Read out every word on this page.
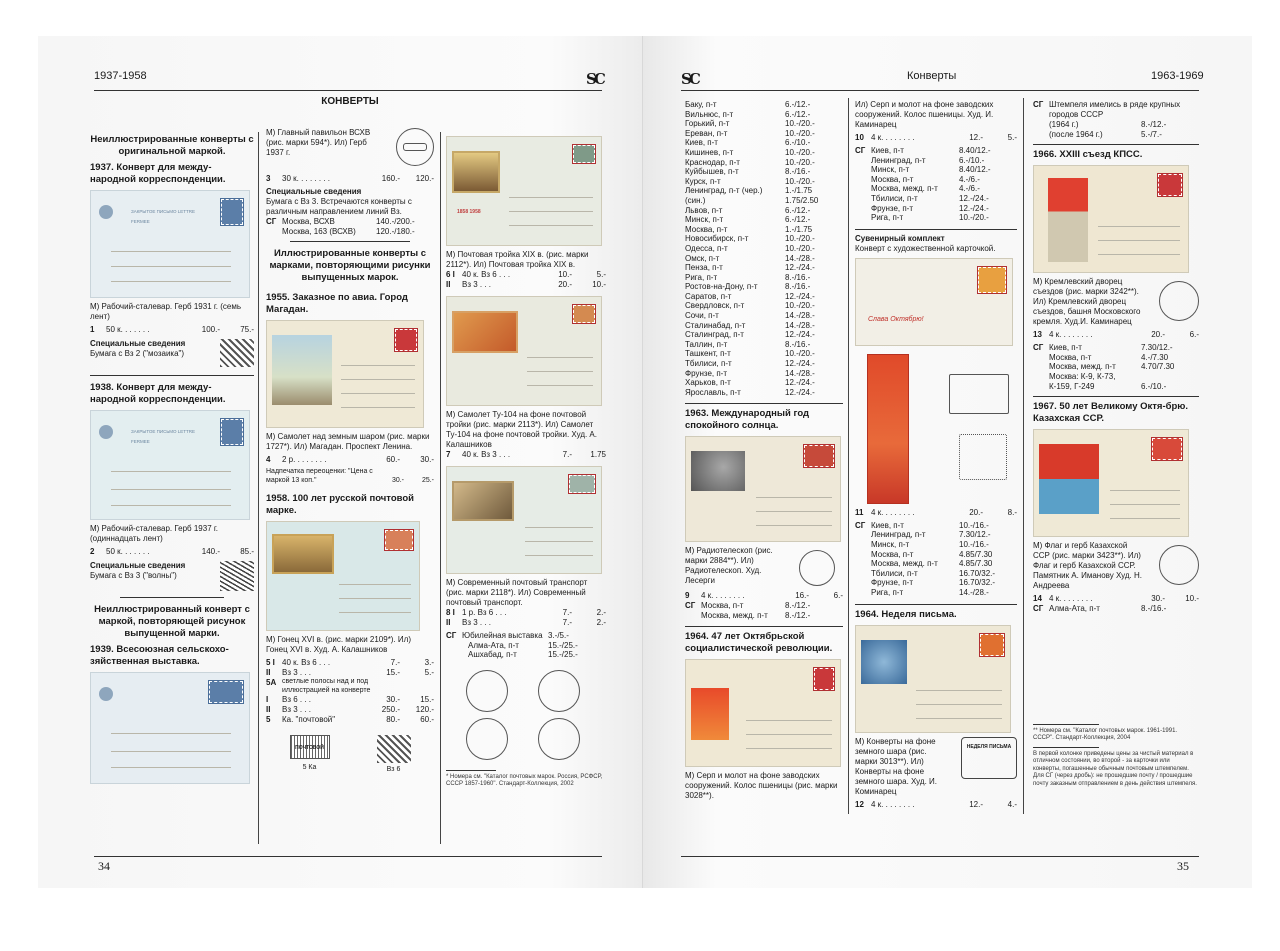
1937-1958	SC
КОНВЕРТЫ
Неиллюстрированные конверты с оригинальной маркой.
1937. Конверт для между-народной корреспонденции.
ЗАКРЫТОЕ ПИСЬМО LETTRE FERMEE
М) Рабочий-сталевар. Герб 1931 г. (семь лент)
1	50 к. . . . . . .	100.-	75.-
Специальные сведения
Бумага с Вз 2 ("мозаика")
1938. Конверт для между-народной корреспонденции.
ЗАКРЫТОЕ ПИСЬМО LETTRE FERMEE
М) Рабочий-сталевар. Герб 1937 г. (одиннадцать лент)
2	50 к. . . . . . .	140.-	85.-
Специальные сведения
Бумага с Вз 3 ("волны")
Неиллюстрированный конверт с маркой, повторяющей рисунок выпущенной марки.
1939. Всесоюзная сельскохо-зяйственная выставка.
М) Главный павильон ВСХВ (рис. марки 594*). Ил) Герб 1937 г.
3	30 к. . . . . . . .	160.-	120.-
Специальные сведения
Бумага с Вз 3. Встречаются конверты с различным направлением линий Вз.
СГ Москва, ВСХВ	140.-/200.-
Москва, 163 (ВСХВ)	120.-/180.-
Иллюстрированные конверты с марками, повторяющими рисунки выпущенных марок.
1955. Заказное по авиа. Город Магадан.
М) Самолет над земным шаром (рис. марки 1727*). Ил) Магадан. Проспект Ленина.
4	2 р. . . . . . . .	60.-	30.-
Надпечатка переоценки: "Цена с маркой 13 коп."	30.-	25.-
1958. 100 лет русской почтовой марке.
М) Гонец XVI в. (рис. марки 2109*). Ил) Гонец XVI в. Худ. А. Калашников
5 I 40 к. Вз 6 . . .	7.-	3.-
II	Вз 3 . . .	15.-	5.-
5A светлые полосы над и под иллюстрацией на конверте
I	Вз 6 . . .	30.-	15.-
II	Вз 3 . . .	250.-	120.-
5	Ка. "почтовой"	80.-	60.-
ПОЧТОВОЙ
5 Ка	Вз 6
1858 1958
М) Почтовая тройка XIX в. (рис. марки 2112*). Ил) Почтовая тройка XIX в.
6 I 40 к. Вз 6 . . .	10.-	5.-
II	Вз 3 . . .	20.-	10.-
М) Самолет Ту-104 на фоне почтовой тройки (рис. марки 2113*). Ил) Самолет Ту-104 на фоне почтовой тройки. Худ. А. Калашников
7	40 к. Вз 3 . . .	7.-	1.75
М) Современный почтовый транспорт (рис. марки 2118*). Ил) Современный почтовый транспорт.
8 I 1 р. Вз 6 . . .	7.-	2.-
II	Вз 3 . . .	7.-	2.-
СГ Юбилейная выставка 3.-/5.-
Алма-Ата, п-т	15.-/25.-
Ашхабад, п-т	15.-/25.-
* Номера см. "Каталог почтовых марок. Россия, РСФСР, СССР 1857-1960". Стандарт-Коллекция, 2002
34
SC	Конверты	1963-1969
Баку, п-т	6.-/12.-
Вильнюс, п-т	6.-/12.-
Горький, п-т	10.-/20.-
Ереван, п-т	10.-/20.-
Киев, п-т	6.-/10.-
Кишинев, п-т	10.-/20.-
Краснодар, п-т	10.-/20.-
Куйбышев, п-т	8.-/16.-
Курск, п-т	10.-/20.-
Ленинград, п-т (чер.)	1.-/1.75
(син.)	1.75/2.50
Львов, п-т	6.-/12.-
Минск, п-т	6.-/12.-
Москва, п-т	1.-/1.75
Новосибирск, п-т	10.-/20.-
Одесса, п-т	10.-/20.-
Омск, п-т	14.-/28.-
Пенза, п-т	12.-/24.-
Рига, п-т	8.-/16.-
Ростов-на-Дону, п-т	8.-/16.-
Саратов, п-т	12.-/24.-
Свердловск, п-т	10.-/20.-
Сочи, п-т	14.-/28.-
Сталинабад, п-т	14.-/28.-
Сталинград, п-т	12.-/24.-
Таллин, п-т	8.-/16.-
Ташкент, п-т	10.-/20.-
Тбилиси, п-т	12.-/24.-
Фрунзе, п-т	14.-/28.-
Харьков, п-т	12.-/24.-
Ярославль, п-т	12.-/24.-
1963. Международный год спокойного солнца.
М) Радиотелескоп (рис. марки 2884**). Ил) Радиотелескоп. Худ. Лесерги
9	4 к. . . . . . . .	16.-	6.-
СГ Москва, п-т	8.-/12.-
Москва, межд. п-т	8.-/12.-
1964. 47 лет Октябрьской социалистической революции.
М) Серп и молот на фоне заводских сооружений. Колос пшеницы (рис. марки 3028**).
Ил) Серп и молот на фоне заводских сооружений. Колос пшеницы. Худ. И. Каминарец
10 4 к. . . . . . . .	12.-	5.-
СГ Киев, п-т	8.40/12.-
Ленинград, п-т	6.-/10.-
Минск, п-т	8.40/12.-
Москва, п-т	4.-/6.-
Москва, межд. п-т	4.-/6.-
Тбилиси, п-т	12.-/24.-
Фрунзе, п-т	12.-/24.-
Рига, п-т	10.-/20.-
Сувенирный комплект
Конверт с художественной карточкой.
Слава Октябрю!
11 4 к. . . . . . . .	20.-	8.-
СГ Киев, п-т	10.-/16.-
Ленинград, п-т	7.30/12.-
Минск, п-т	10.-/16.-
Москва, п-т	4.85/7.30
Москва, межд. п-т	4.85/7.30
Тбилиси, п-т	16.70/32.-
Фрунзе, п-т	16.70/32.-
Рига, п-т	14.-/28.-
1964. Неделя письма.
М) Конверты на фоне земного шара (рис. марки 3013**). Ил) Конверты на фоне земного шара. Худ. И. Коминарец
НЕДЕЛЯ ПИСЬМА
12 4 к. . . . . . . .	12.-	4.-
СГ Штемпеля имелись в ряде крупных городов СССР
(1964 г.)	8.-/12.-
(после 1964 г.)	5.-/7.-
1966. XXIII съезд КПСС.
М) Кремлевский дворец съездов (рис. марки 3242**). Ил) Кремлевский дворец съездов, башня Московского кремля. Худ.И. Каминарец
13 4 к. . . . . . . .	20.-	6.-
СГ Киев, п-т	7.30/12.-
Москва, п-т	4.-/7.30
Москва, межд. п-т	4.70/7.30
Москва: К-9, К-73,
К-159, Г-249	6.-/10.-
1967. 50 лет Великому Октя-брю. Казахская ССР.
М) Флаг и герб Казахской ССР (рис. марки 3423**). Ил) Флаг и герб Казахской ССР. Памятник А. Иманову Худ. Н. Андреева
14 4 к. . . . . . . .	30.-	10.-
СГ Алма-Ата, п-т	8.-/16.-
** Номера см. "Каталог почтовых марок. 1961-1991. СССР". Стандарт-Коллекция, 2004
В первой колонке приведены цены за чистый материал в отличном состоянии, во второй - за карточки или конверты, погашенные обычным почтовым штемпелем. Для СГ (через дробь): не прошедшие почту / прошедшие почту заказным отправлением в день действия штемпеля.
35
